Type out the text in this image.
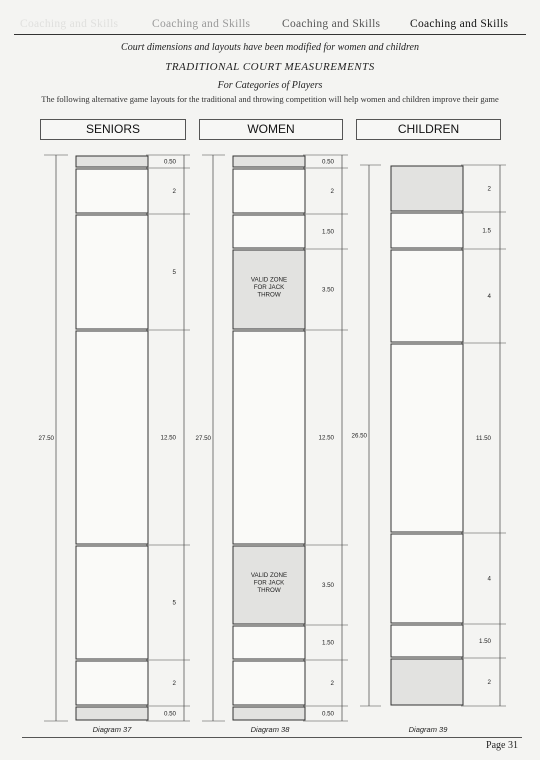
Coaching and Skills	Coaching and Skills	Coaching and Skills	Coaching and Skills
Court dimensions and layouts have been modified for women and children
TRADITIONAL COURT MEASUREMENTS
For Categories of Players
The following alternative game layouts for the traditional and throwing competition will help women and children improve their game
SENIORS	WOMEN	CHILDREN
27.50
0.50
2
5
12.50
5
2
0.50
Diagram 37
27.50
0.50
2
1.50
VALID ZONE
FOR JACK
THROW
3.50
12.50
VALID ZONE
FOR JACK
THROW
3.50
1.50
2
0.50
Diagram 38
26.50
2
1.5
4
11.50
4
1.50
2
Diagram 39
Page 31
